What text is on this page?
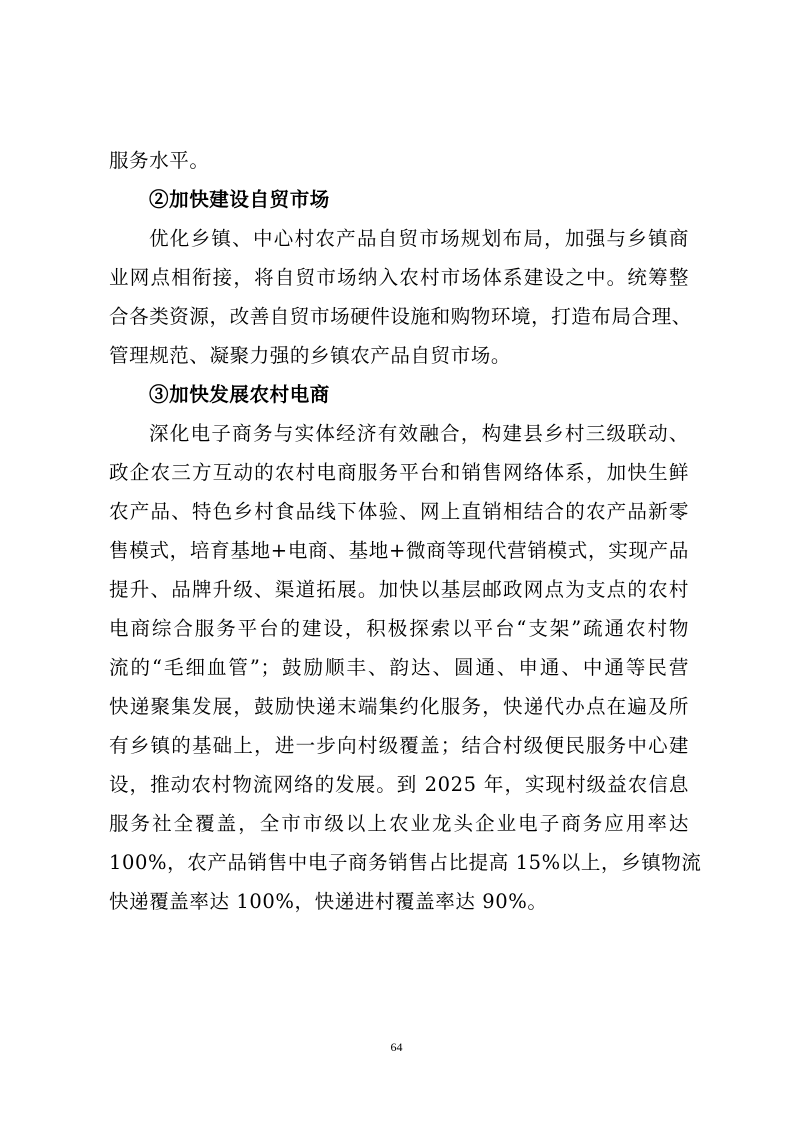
服务水平。
②加快建设自贸市场
优化乡镇、中心村农产品自贸市场规划布局，加强与乡镇商
业网点相衔接，将自贸市场纳入农村市场体系建设之中。统筹整
合各类资源，改善自贸市场硬件设施和购物环境，打造布局合理、
管理规范、凝聚力强的乡镇农产品自贸市场。
③加快发展农村电商
深化电子商务与实体经济有效融合，构建县乡村三级联动、
政企农三方互动的农村电商服务平台和销售网络体系，加快生鲜
农产品、特色乡村食品线下体验、网上直销相结合的农产品新零
售模式，培育基地+电商、基地+微商等现代营销模式，实现产品
提升、品牌升级、渠道拓展。加快以基层邮政网点为支点的农村
电商综合服务平台的建设，积极探索以平台“支架”疏通农村物
流的“毛细血管”；鼓励顺丰、韵达、圆通、申通、中通等民营
快递聚集发展，鼓励快递末端集约化服务，快递代办点在遍及所
有乡镇的基础上，进一步向村级覆盖；结合村级便民服务中心建
设，推动农村物流网络的发展。到 2025 年，实现村级益农信息
服务社全覆盖，全市市级以上农业龙头企业电子商务应用率达
100%，农产品销售中电子商务销售占比提高 15%以上，乡镇物流
快递覆盖率达 100%，快递进村覆盖率达 90%。
64
